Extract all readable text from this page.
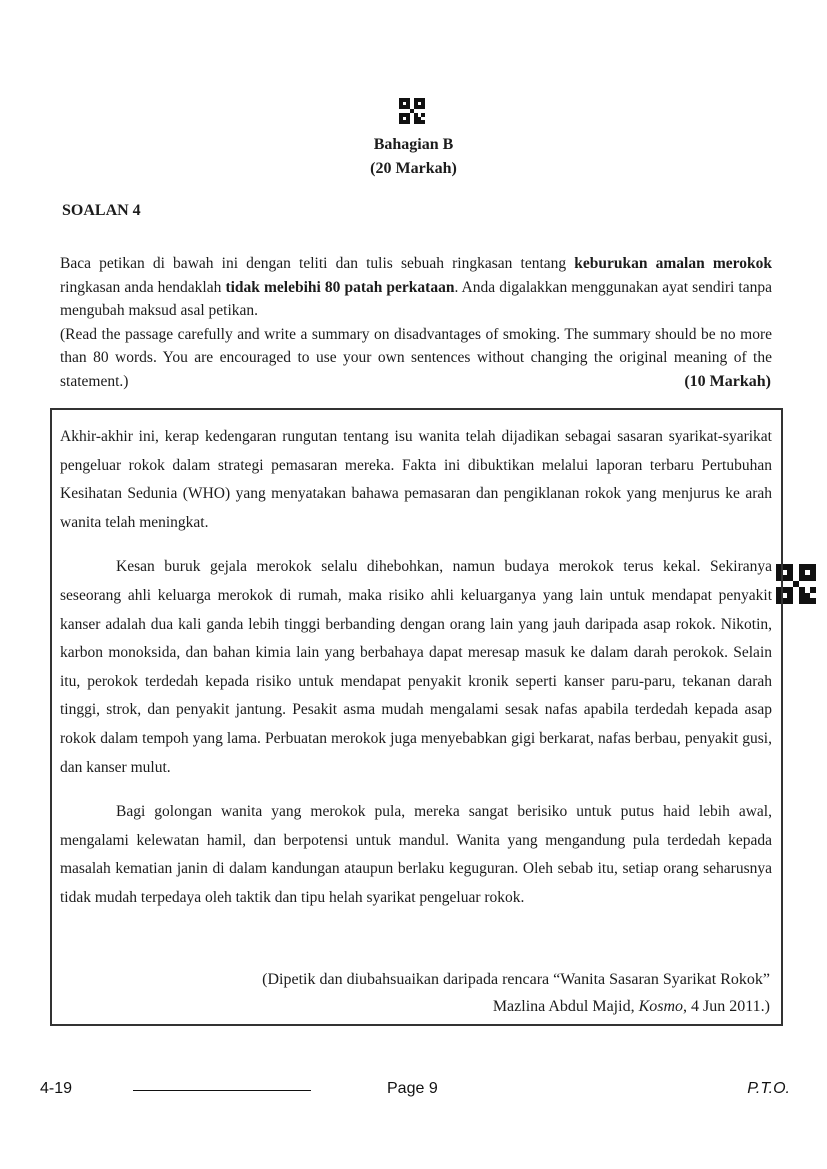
Bahagian B
(20 Markah)
SOALAN 4

Baca petikan di bawah ini dengan teliti dan tulis sebuah ringkasan tentang keburukan amalan merokok ringkasan anda hendaklah tidak melebihi 80 patah perkataan. Anda digalakkan menggunakan ayat sendiri tanpa mengubah maksud asal petikan.

(Read the passage carefully and write a summary on disadvantages of smoking. The summary should be no more than 80 words. You are encouraged to use your own sentences without changing the original meaning of the statement.)	(10 Markah)

Akhir-akhir ini, kerap kedengaran rungutan tentang isu wanita telah dijadikan sebagai sasaran syarikat-syarikat pengeluar rokok dalam strategi pemasaran mereka. Fakta ini dibuktikan melalui laporan terbaru Pertubuhan Kesihatan Sedunia (WHO) yang menyatakan bahawa pemasaran dan pengiklanan rokok yang menjurus ke arah wanita telah meningkat.

Kesan buruk gejala merokok selalu dihebohkan, namun budaya merokok terus kekal. Sekiranya seseorang ahli keluarga merokok di rumah, maka risiko ahli keluarganya yang lain untuk mendapat penyakit kanser adalah dua kali ganda lebih tinggi berbanding dengan orang lain yang jauh daripada asap rokok. Nikotin, karbon monoksida, dan bahan kimia lain yang berbahaya dapat meresap masuk ke dalam darah perokok. Selain itu, perokok terdedah kepada risiko untuk mendapat penyakit kronik seperti kanser paru-paru, tekanan darah tinggi, strok, dan penyakit jantung. Pesakit asma mudah mengalami sesak nafas apabila terdedah kepada asap rokok dalam tempoh yang lama. Perbuatan merokok juga menyebabkan gigi berkarat, nafas berbau, penyakit gusi, dan kanser mulut.

Bagi golongan wanita yang merokok pula, mereka sangat berisiko untuk putus haid lebih awal, mengalami kelewatan hamil, dan berpotensi untuk mandul. Wanita yang mengandung pula terdedah kepada masalah kematian janin di dalam kandungan ataupun berlaku keguguran. Oleh sebab itu, setiap orang seharusnya tidak mudah terpedaya oleh taktik dan tipu helah syarikat pengeluar rokok.

(Dipetik dan diubahsuaikan daripada rencara “Wanita Sasaran Syarikat Rokok” Mazlina Abdul Majid, Kosmo, 4 Jun 2011.)
4-19	Page 9	P.T.O.
